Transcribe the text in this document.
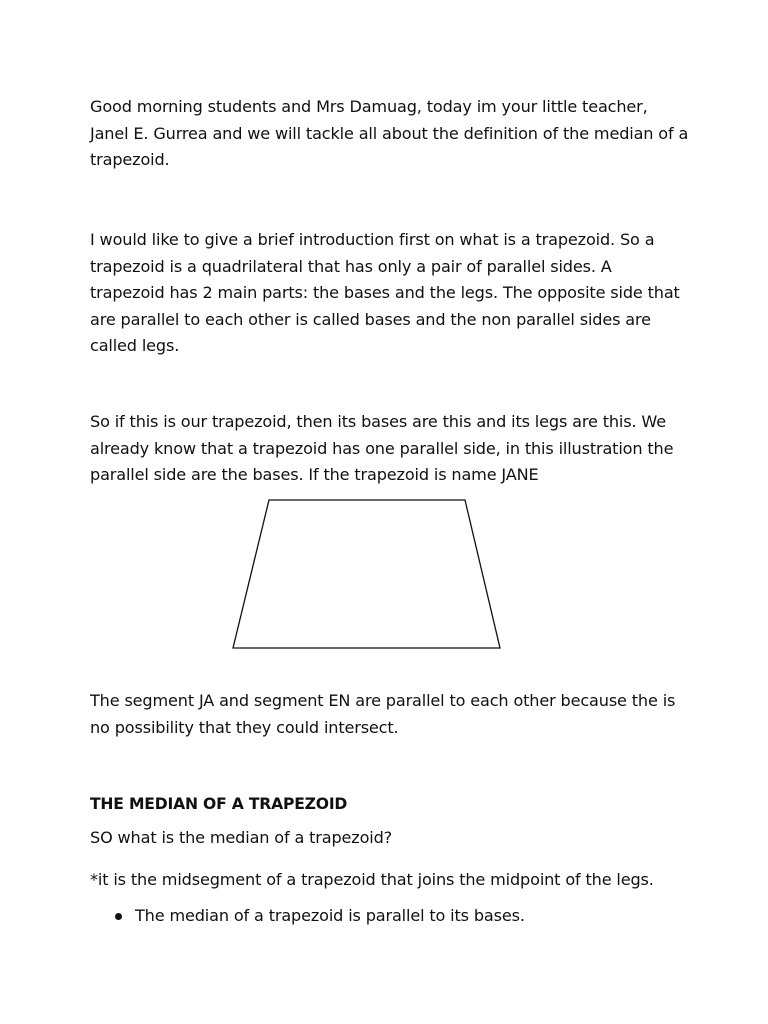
Good morning students and Mrs Damuag, today im your little teacher, Janel E. Gurrea and we will tackle all about the definition of the median of a trapezoid.

I would like to give a brief introduction first on what is a trapezoid. So a trapezoid is a quadrilateral that has only a pair of parallel sides. A trapezoid has 2 main parts: the bases and the legs. The opposite side that are parallel to each other is called bases and the non parallel sides are called legs.

So if this is our trapezoid, then its bases are this and its legs are this. We already know that a trapezoid has one parallel side, in this illustration the parallel side are the bases. If the trapezoid is name JANE

The segment JA and segment EN are parallel to each other because the is no possibility that they could intersect.

THE MEDIAN OF A TRAPEZOID

SO what is the median of a trapezoid?

*it is the midsegment of a trapezoid that joins the midpoint of the legs.

The median of a trapezoid is parallel to its bases.
